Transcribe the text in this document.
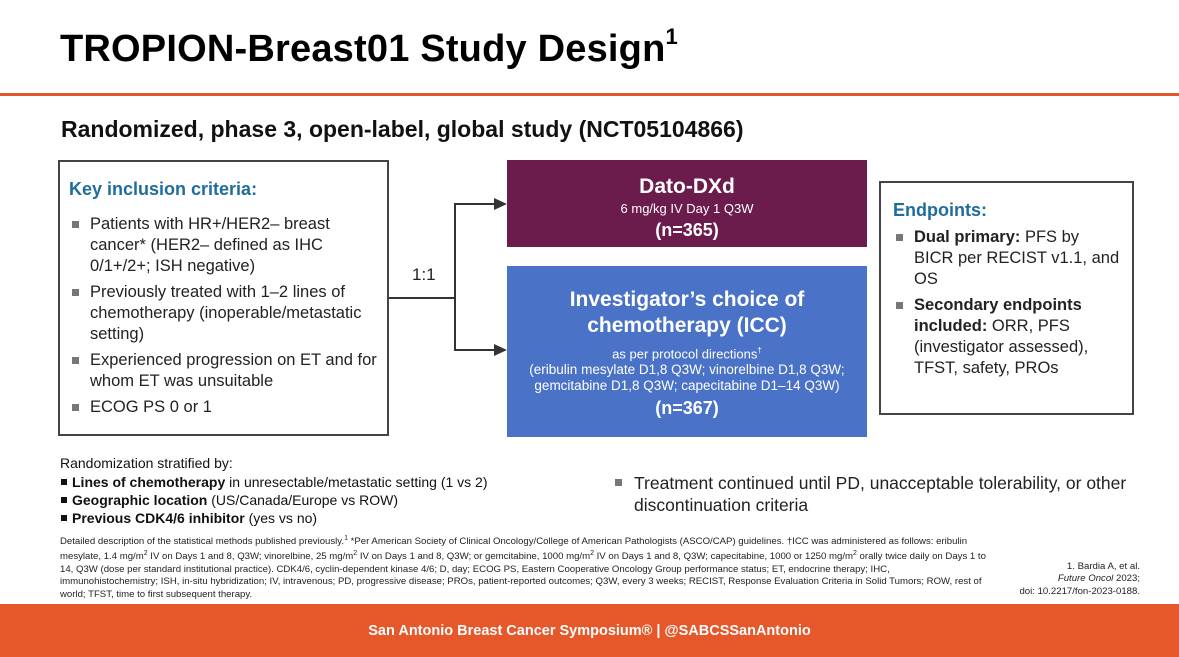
TROPION-Breast01 Study Design$^1$
Randomized, phase 3, open-label, global study (NCT05104866)
Key inclusion criteria:
Patients with HR+/HER2– breast cancer* (HER2– defined as IHC 0/1+/2+; ISH negative)
Previously treated with 1–2 lines of chemotherapy (inoperable/metastatic setting)
Experienced progression on ET and for whom ET was unsuitable
ECOG PS 0 or 1
1:1
Dato-DXd
6 mg/kg IV Day 1 Q3W
(n=365)
Investigator’s choice of
chemotherapy (ICC)
as per protocol directions†
(eribulin mesylate D1,8 Q3W; vinorelbine D1,8 Q3W;
gemcitabine D1,8 Q3W; capecitabine D1–14 Q3W)
(n=367)
Endpoints:
Dual primary: PFS by BICR per RECIST v1.1, and OS
Secondary endpoints included: ORR, PFS (investigator assessed), TFST, safety, PROs
Randomization stratified by:
Lines of chemotherapy in unresectable/metastatic setting (1 vs 2)
Geographic location (US/Canada/Europe vs ROW)
Previous CDK4/6 inhibitor (yes vs no)
Treatment continued until PD, unacceptable tolerability, or other discontinuation criteria
Detailed description of the statistical methods published previously.$^1$ *Per American Society of Clinical Oncology/College of American Pathologists (ASCO/CAP) guidelines. †ICC was administered as follows: eribulin mesylate, 1.4 $mg/m^2$ IV on Days 1 and 8, Q3W; vinorelbine, 25 $mg/m^2$ IV on Days 1 and 8, Q3W; or gemcitabine, 1000 $mg/m^2$ IV on Days 1 and 8, Q3W; capecitabine, 1000 or 1250 $mg/m^2$ orally twice daily on Days 1 to 14, Q3W (dose per standard institutional practice). CDK4/6, cyclin-dependent kinase 4/6; D, day; ECOG PS, Eastern Cooperative Oncology Group performance status; ET, endocrine therapy; IHC, immunohistochemistry; ISH, in-situ hybridization; IV, intravenous; PD, progressive disease; PROs, patient-reported outcomes; Q3W, every 3 weeks; RECIST, Response Evaluation Criteria in Solid Tumors; ROW, rest of world; TFST, time to first subsequent therapy.
1. Bardia A, et al.
Future Oncol 2023;
doi: 10.2217/fon-2023-0188.
San Antonio Breast Cancer Symposium® | @SABCSSanAntonio
